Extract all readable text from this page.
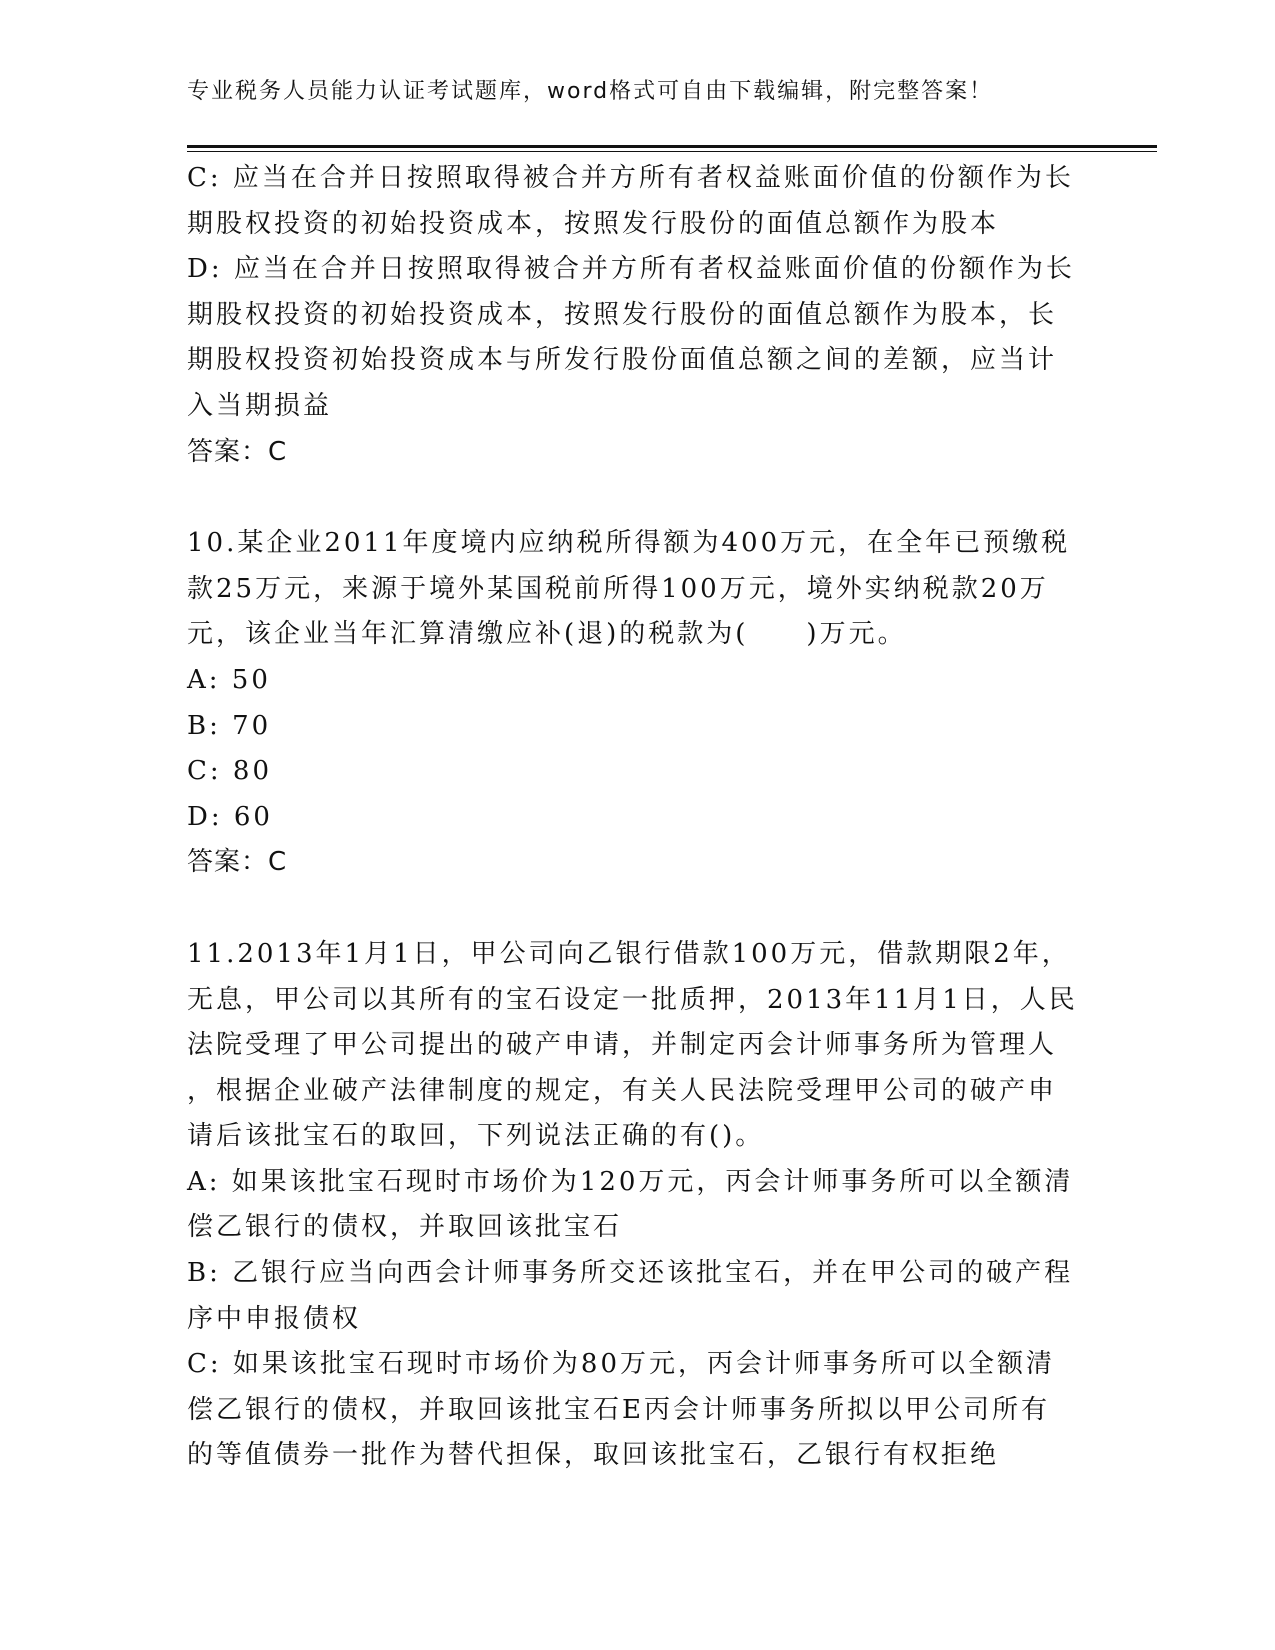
专业税务人员能力认证考试题库，word格式可自由下载编辑，附完整答案！
C: 应当在合并日按照取得被合并方所有者权益账面价值的份额作为长
期股权投资的初始投资成本，按照发行股份的面值总额作为股本
D: 应当在合并日按照取得被合并方所有者权益账面价值的份额作为长
期股权投资的初始投资成本，按照发行股份的面值总额作为股本，长
期股权投资初始投资成本与所发行股份面值总额之间的差额，应当计
入当期损益
答案：C
10.某企业2011年度境内应纳税所得额为400万元，在全年已预缴税
款25万元，来源于境外某国税前所得100万元，境外实纳税款20万
元，该企业当年汇算清缴应补(退)的税款为(　　)万元。
A: 50
B: 70
C: 80
D: 60
答案：C
11.2013年1月1日，甲公司向乙银行借款100万元，借款期限2年，
无息，甲公司以其所有的宝石设定一批质押，2013年11月1日，人民
法院受理了甲公司提出的破产申请，并制定丙会计师事务所为管理人
，根据企业破产法律制度的规定，有关人民法院受理甲公司的破产申
请后该批宝石的取回，下列说法正确的有()。
A: 如果该批宝石现时市场价为120万元，丙会计师事务所可以全额清
偿乙银行的债权，并取回该批宝石
B: 乙银行应当向西会计师事务所交还该批宝石，并在甲公司的破产程
序中申报债权
C: 如果该批宝石现时市场价为80万元，丙会计师事务所可以全额清
偿乙银行的债权，并取回该批宝石E丙会计师事务所拟以甲公司所有
的等值债券一批作为替代担保，取回该批宝石，乙银行有权拒绝
